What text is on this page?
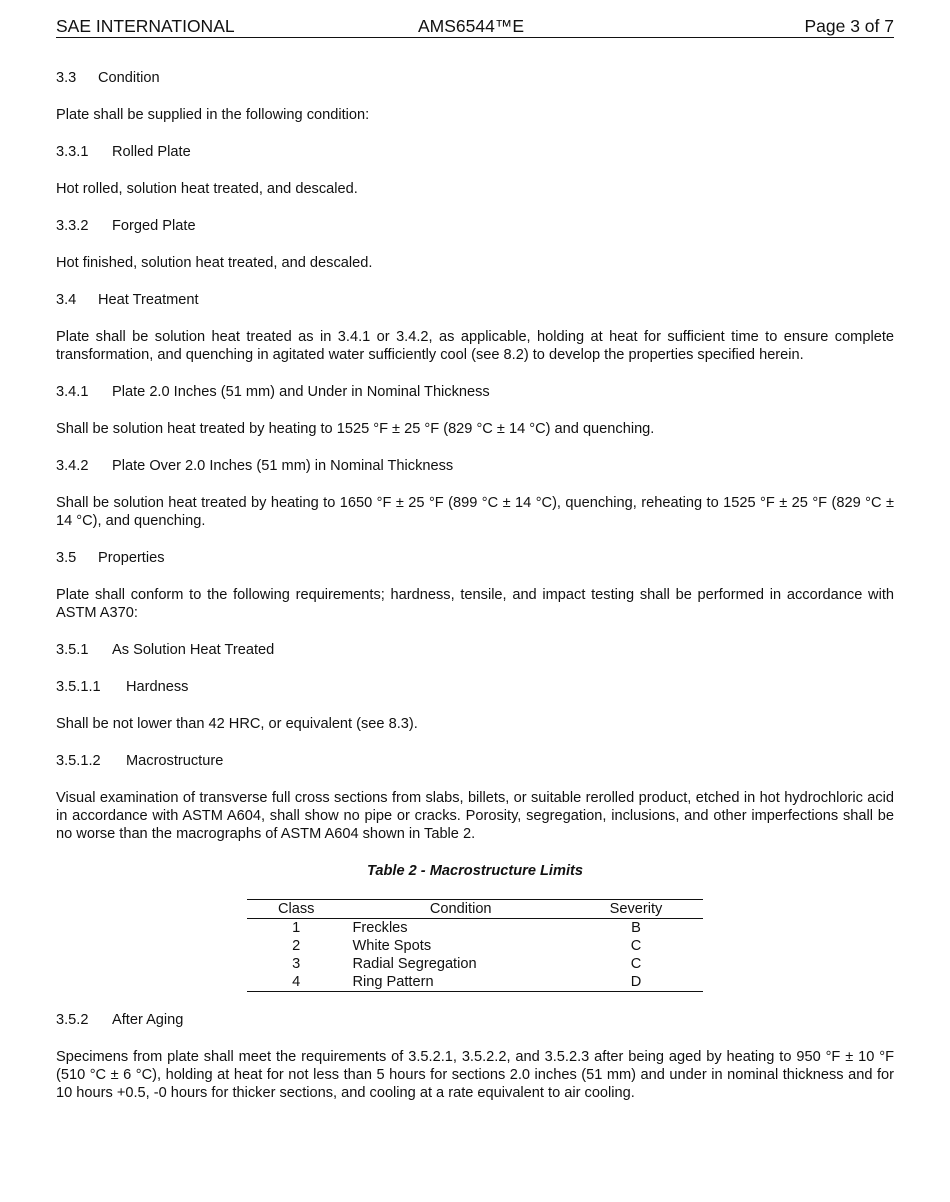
SAE INTERNATIONAL	AMS6544™E	Page 3 of 7
3.3 Condition
Plate shall be supplied in the following condition:
3.3.1 Rolled Plate
Hot rolled, solution heat treated, and descaled.
3.3.2 Forged Plate
Hot finished, solution heat treated, and descaled.
3.4 Heat Treatment
Plate shall be solution heat treated as in 3.4.1 or 3.4.2, as applicable, holding at heat for sufficient time to ensure complete transformation, and quenching in agitated water sufficiently cool (see 8.2) to develop the properties specified herein.
3.4.1 Plate 2.0 Inches (51 mm) and Under in Nominal Thickness
Shall be solution heat treated by heating to 1525 °F ± 25 °F (829 °C ± 14 °C) and quenching.
3.4.2 Plate Over 2.0 Inches (51 mm) in Nominal Thickness
Shall be solution heat treated by heating to 1650 °F ± 25 °F (899 °C ± 14 °C), quenching, reheating to 1525 °F ± 25 °F (829 °C ± 14 °C), and quenching.
3.5 Properties
Plate shall conform to the following requirements; hardness, tensile, and impact testing shall be performed in accordance with ASTM A370:
3.5.1 As Solution Heat Treated
3.5.1.1 Hardness
Shall be not lower than 42 HRC, or equivalent (see 8.3).
3.5.1.2 Macrostructure
Visual examination of transverse full cross sections from slabs, billets, or suitable rerolled product, etched in hot hydrochloric acid in accordance with ASTM A604, shall show no pipe or cracks. Porosity, segregation, inclusions, and other imperfections shall be no worse than the macrographs of ASTM A604 shown in Table 2.
Table 2 - Macrostructure Limits
Class	Condition	Severity
1	Freckles	B
2	White Spots	C
3	Radial Segregation	C
4	Ring Pattern	D
3.5.2 After Aging
Specimens from plate shall meet the requirements of 3.5.2.1, 3.5.2.2, and 3.5.2.3 after being aged by heating to 950 °F ± 10 °F (510 °C ± 6 °C), holding at heat for not less than 5 hours for sections 2.0 inches (51 mm) and under in nominal thickness and for 10 hours +0.5, -0 hours for thicker sections, and cooling at a rate equivalent to air cooling.
